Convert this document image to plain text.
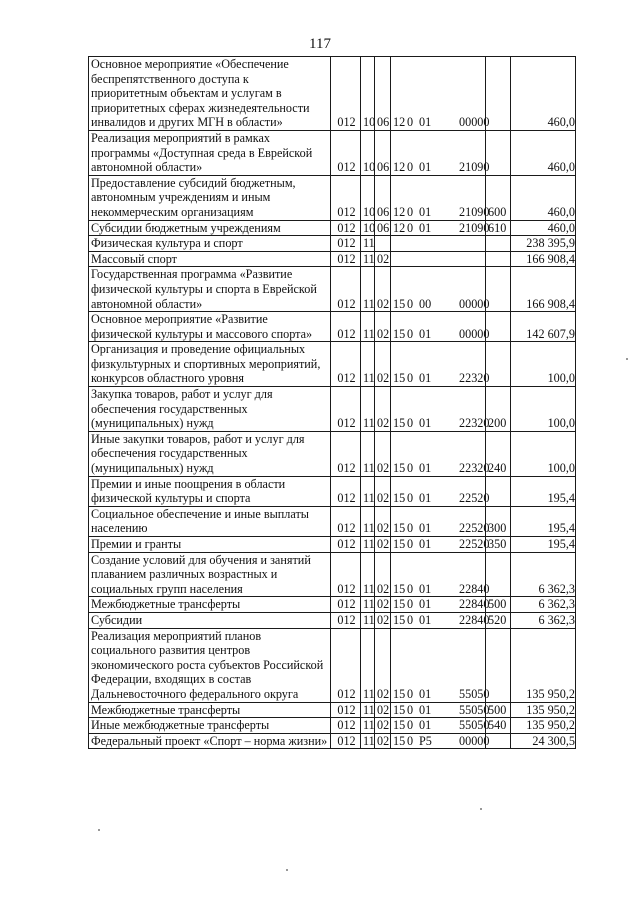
117
Основное мероприятие «Обеспечение беспрепятственного доступа к приоритетным объектам и услугам в приоритетных сферах жизнедеятельности инвалидов и других МГН в области»	012	10	06	12 0 01 00000		460,0
Реализация мероприятий в рамках программы «Доступная среда в Еврейской автономной области»	012	10	06	12 0 01 21090		460,0
Предоставление субсидий бюджетным, автономным учреждениям и иным некоммерческим организациям	012	10	06	12 0 01 21090	600	460,0
Субсидии бюджетным учреждениям	012	10	06	12 0 01 21090	610	460,0
Физическая культура и спорт	012	11				238 395,9
Массовый спорт	012	11	02			166 908,4
Государственная программа «Развитие физической культуры и спорта в Еврейской автономной области»	012	11	02	15 0 00 00000		166 908,4
Основное мероприятие «Развитие физической культуры и массового спорта»	012	11	02	15 0 01 00000		142 607,9
Организация и проведение официальных физкультурных и спортивных мероприятий, конкурсов областного уровня	012	11	02	15 0 01 22320		100,0
Закупка товаров, работ и услуг для обеспечения государственных (муниципальных) нужд	012	11	02	15 0 01 22320	200	100,0
Иные закупки товаров, работ и услуг для обеспечения государственных (муниципальных) нужд	012	11	02	15 0 01 22320	240	100,0
Премии и иные поощрения в области физической культуры и спорта	012	11	02	15 0 01 22520		195,4
Социальное обеспечение и иные выплаты населению	012	11	02	15 0 01 22520	300	195,4
Премии и гранты	012	11	02	15 0 01 22520	350	195,4
Создание условий для обучения и занятий плаванием различных возрастных и социальных групп населения	012	11	02	15 0 01 22840		6 362,3
Межбюджетные трансферты	012	11	02	15 0 01 22840	500	6 362,3
Субсидии	012	11	02	15 0 01 22840	520	6 362,3
Реализация мероприятий планов социального развития центров экономического роста субъектов Российской Федерации, входящих в состав Дальневосточного федерального округа	012	11	02	15 0 01 55050		135 950,2
Межбюджетные трансферты	012	11	02	15 0 01 55050	500	135 950,2
Иные межбюджетные трансферты	012	11	02	15 0 01 55050	540	135 950,2
Федеральный проект «Спорт – норма жизни»	012	11	02	15 0 P5 00000		24 300,5
